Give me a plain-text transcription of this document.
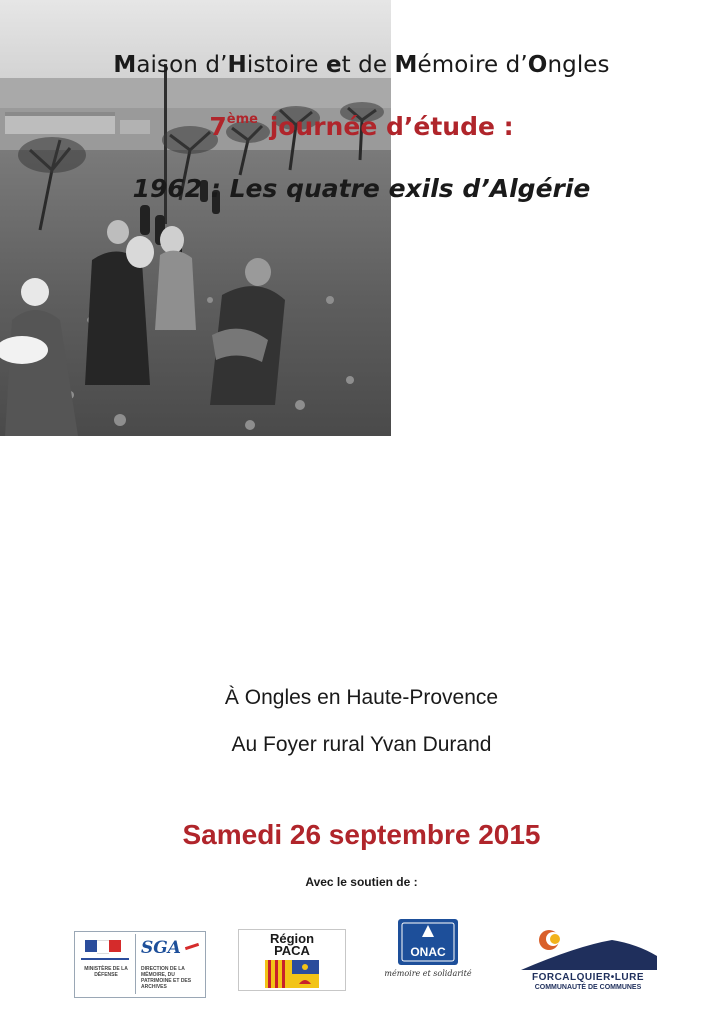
Maison d’Histoire et de Mémoire d’Ongles
7ème journée d’étude :
1962 : Les quatre exils d’Algérie
À Ongles en Haute-Provence
Au Foyer rural Yvan Durand
Samedi 26 septembre 2015
Avec le soutien de :
MINISTÈRE DE LA DÉFENSE
SGA
DIRECTION DE LA MÉMOIRE, DU PATRIMOINE ET DES ARCHIVES
Région
PACA	ONAC
mémoire et solidarité	FORCALQUIER•LURE
COMMUNAUTÉ DE COMMUNES
